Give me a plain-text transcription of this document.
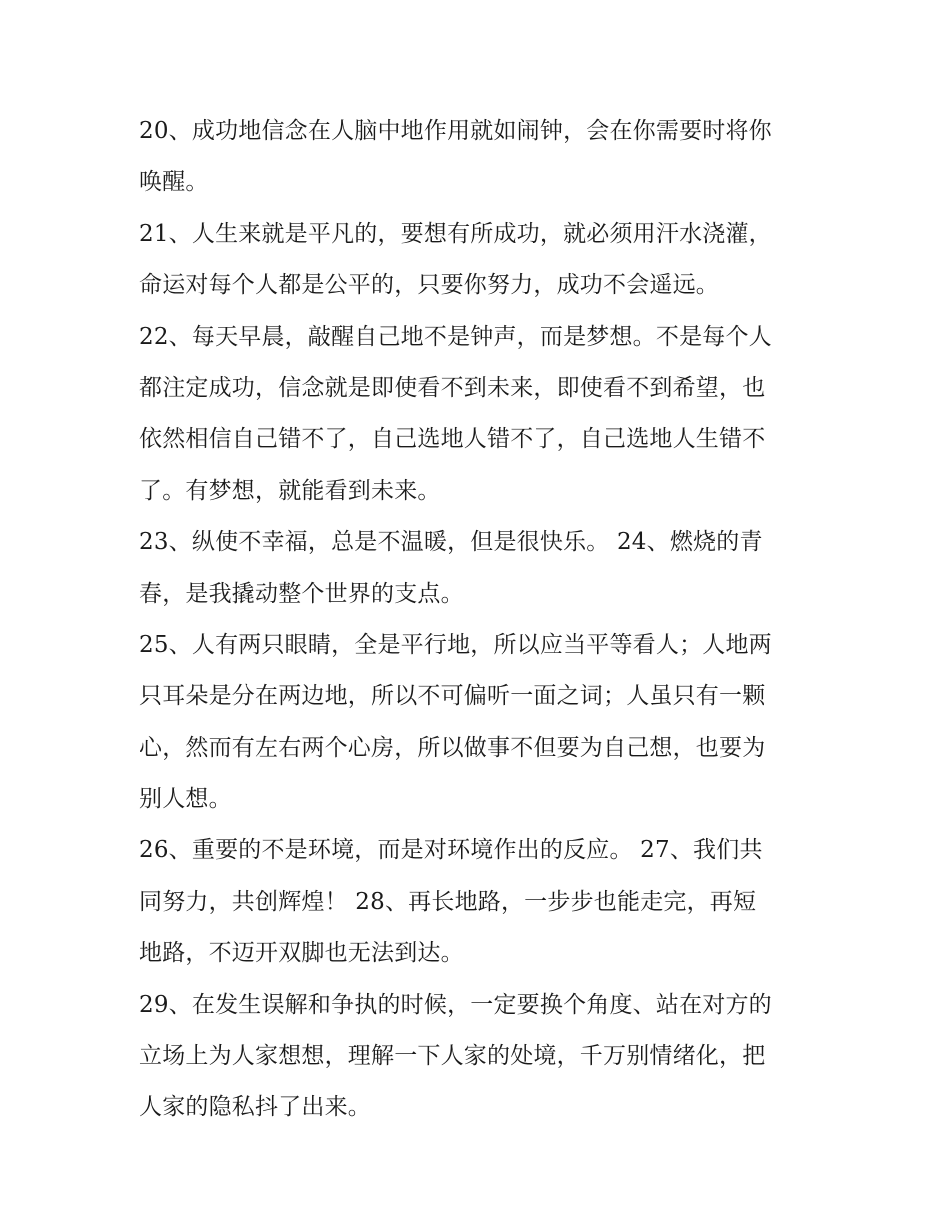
20、成功地信念在人脑中地作用就如闹钟，会在你需要时将你
唤醒。
21、人生来就是平凡的，要想有所成功，就必须用汗水浇灌，
命运对每个人都是公平的，只要你努力，成功不会遥远。
22、每天早晨，敲醒自己地不是钟声，而是梦想。不是每个人
都注定成功，信念就是即使看不到未来，即使看不到希望，也
依然相信自己错不了，自己选地人错不了，自己选地人生错不
了。有梦想，就能看到未来。
23、纵使不幸福，总是不温暖，但是很快乐。 24、燃烧的青
春，是我撬动整个世界的支点。
25、人有两只眼睛，全是平行地，所以应当平等看人；人地两
只耳朵是分在两边地，所以不可偏听一面之词；人虽只有一颗
心，然而有左右两个心房，所以做事不但要为自己想，也要为
别人想。
26、重要的不是环境，而是对环境作出的反应。 27、我们共
同努力，共创辉煌！ 28、再长地路，一步步也能走完，再短
地路，不迈开双脚也无法到达。
29、在发生误解和争执的时候，一定要换个角度、站在对方的
立场上为人家想想，理解一下人家的处境，千万别情绪化，把
人家的隐私抖了出来。
